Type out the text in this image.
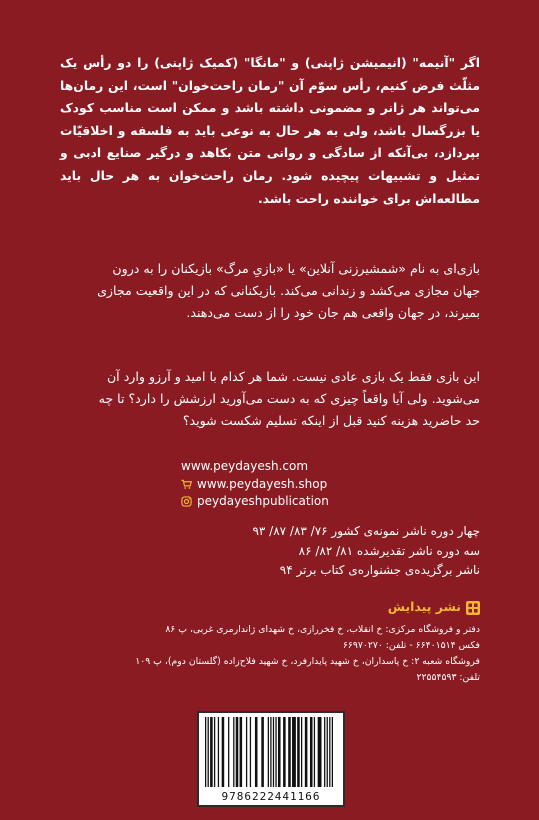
اگر "آنیمه" (انیمیشن ژاپنی) و "مانگا" (کمیک ژاپنی) را دو رأس یک مثلّث فرض کنیم، رأس سوّم آن "رمان راحت‌خوان" است، این رمان‌ها می‌تواند هر ژانر و مضمونی داشته باشد و ممکن است مناسب کودک یا بزرگسال باشد، ولی به هر حال به نوعی باید به فلسفه و اخلاقیّات بپردازد، بی‌آنکه از سادگی و روانی متن بکاهد و درگیر صنایع ادبی و تمثیل و تشبیهات پیچیده شود. رمان راحت‌خوان به هر حال باید مطالعه‌اش برای خواننده راحت باشد.

بازی‌ای به نام «شمشیرزنی آنلاین» یا «بازیِ مرگ» بازیکنان را به درون

جهان مجازی می‌کشد و زندانی می‌کند. بازیکنانی که در این واقعیت مجازی

بمیرند، در جهان واقعی هم جان خود را از دست می‌دهند.

این بازی فقط یک بازی عادی نیست. شما هر کدام با امید و آرزو وارد آن

می‌شوید. ولی آیا واقعاً چیزی که به دست می‌آورید ارزشش را دارد؟ تا چه

حد حاضرید هزینه کنید قبل از اینکه تسلیم شکست شوید؟

www.peydayesh.com
www.peydayesh.shop
peydayeshpublication
چهار دوره ناشر نمونه‌ی کشور ۷۶/ ۸۳/ ۸۷/ ۹۳
سه دوره ناشر تقدیرشده ۸۱/ ۸۲/ ۸۶
ناشر برگزیده‌ی جشنواره‌ی کتاب برتر ۹۴
نشر پیدایش
دفتر و فروشگاه مرکزی: خ انقلاب، خ فخررازی، خ شهدای ژاندارمری غربی، پ ۸۶
فکس ۶۶۴۰۱۵۱۴ - تلفن: ۶۶۹۷۰۲۷۰
فروشگاه شعبه ۲: خ پاسداران، خ شهید پایدارفرد، خ شهید فلاح‌زاده (گلستان دوم)، پ ۱۰۹
تلفن: ۲۲۵۵۴۵۹۳
9786222441166
